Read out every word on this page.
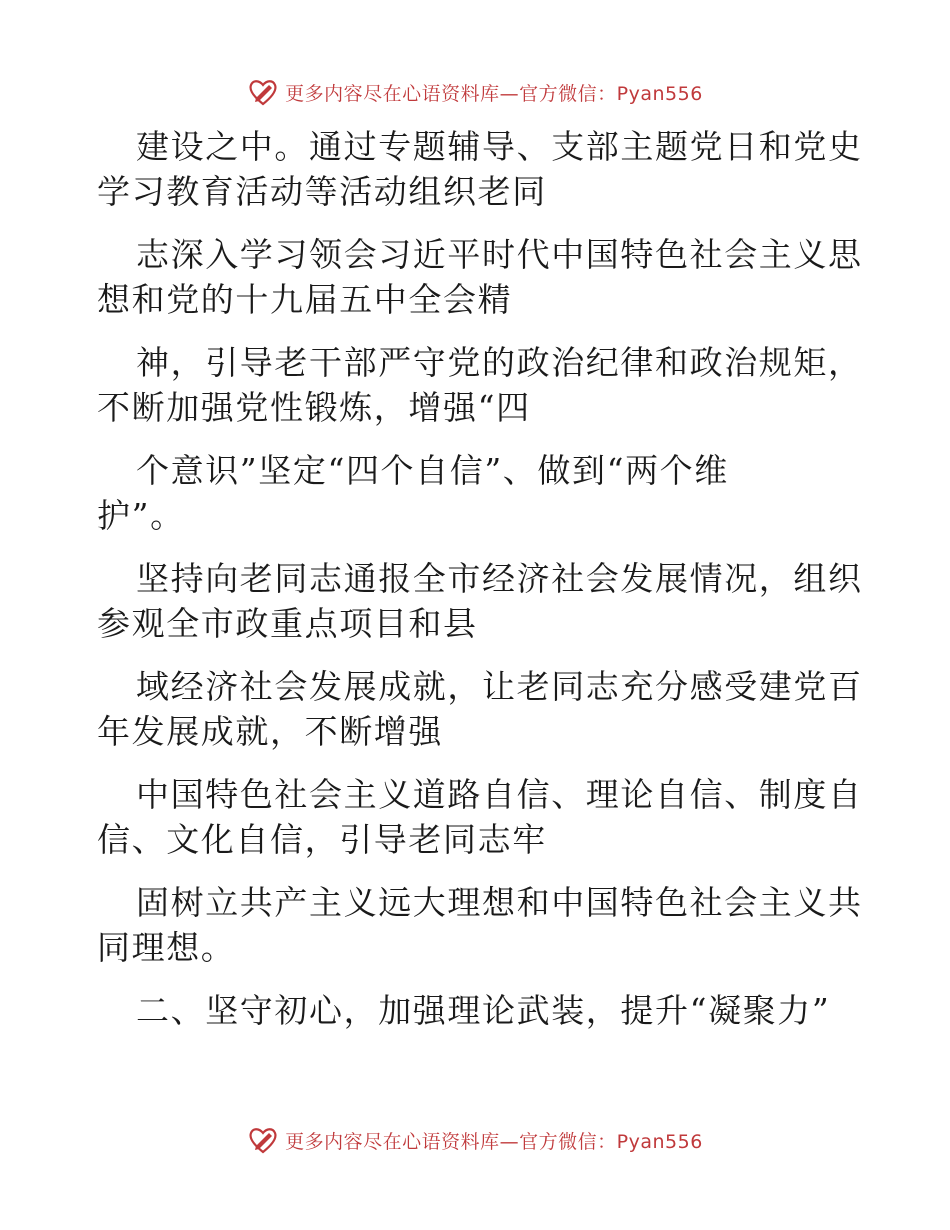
更多内容尽在心语资料库—官方微信：Pyan556
建设之中。通过专题辅导、支部主题党日和党史
学习教育活动等活动组织老同
志深入学习领会习近平时代中国特色社会主义思
想和党的十九届五中全会精
神，引导老干部严守党的政治纪律和政治规矩，
不断加强党性锻炼，增强“四
个意识”坚定“四个自信”、做到“两个维
护”。
坚持向老同志通报全市经济社会发展情况，组织
参观全市政重点项目和县
域经济社会发展成就，让老同志充分感受建党百
年发展成就，不断增强
中国特色社会主义道路自信、理论自信、制度自
信、文化自信，引导老同志牢
固树立共产主义远大理想和中国特色社会主义共
同理想。
二、坚守初心，加强理论武装，提升“凝聚力”
更多内容尽在心语资料库—官方微信：Pyan556
